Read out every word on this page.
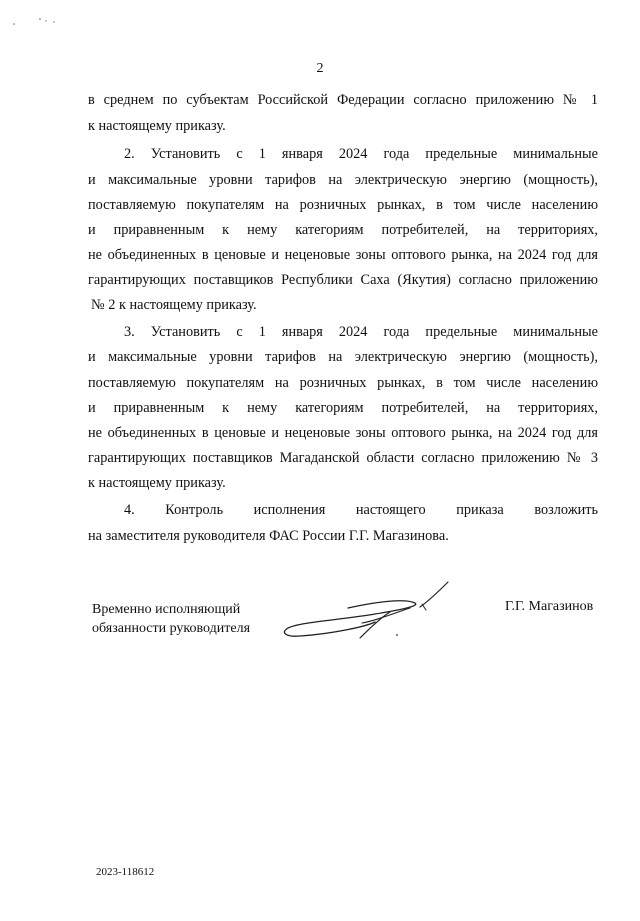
2
в среднем по субъектам Российской Федерации согласно приложению № 1
к настоящему приказу.
2. Установить с 1 января 2024 года предельные минимальные
и максимальные уровни тарифов на электрическую энергию (мощность),
поставляемую покупателям на розничных рынках, в том числе населению
и приравненным к нему категориям потребителей, на территориях,
не объединенных в ценовые и неценовые зоны оптового рынка, на 2024 год для
гарантирующих поставщиков Республики Саха (Якутия) согласно приложению
№ 2 к настоящему приказу.
3. Установить с 1 января 2024 года предельные минимальные
и максимальные уровни тарифов на электрическую энергию (мощность),
поставляемую покупателям на розничных рынках, в том числе населению
и приравненным к нему категориям потребителей, на территориях,
не объединенных в ценовые и неценовые зоны оптового рынка, на 2024 год для
гарантирующих поставщиков Магаданской области согласно приложению № 3
к настоящему приказу.
4. Контроль исполнения настоящего приказа возложить
на заместителя руководителя ФАС России Г.Г. Магазинова.
Временно исполняющий
обязанности руководителя
Г.Г. Магазинов
2023-118612
